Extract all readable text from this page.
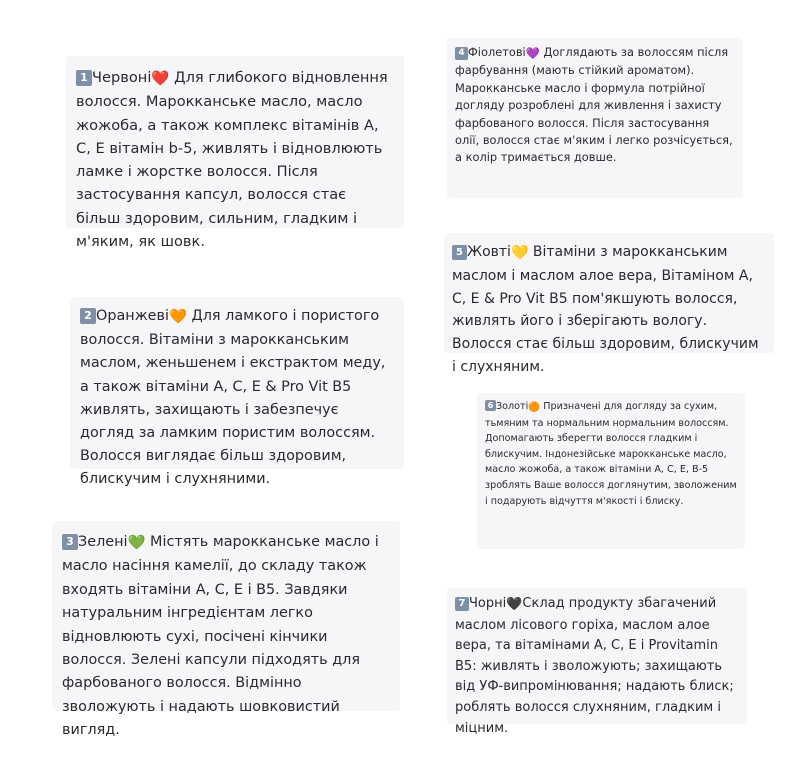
1 Червоні❤️ Для глибокого відновлення волосся. Марокканське масло, масло жожоба, а також комплекс вітамінів А, С, Е вітамін b-5, живлять і відновлюють ламке і жорстке волосся. Після застосування капсул, волосся стає більш здоровим, сильним, гладким і м'яким, як шовк.

2 Оранжеві🧡 Для ламкого і пористого волосся. Вітаміни з марокканським маслом, женьшенем і екстрактом меду, а також вітаміни А, С, Е & Pro Vit B5 живлять, захищають і забезпечує догляд за ламким пористим волоссям. Волосся виглядає більш здоровим, блискучим і слухняними.

3 Зелені💚 Містять марокканське масло і масло насіння камелії, до складу також входять вітаміни А, С, Е і В5. Завдяки натуральним інгредієнтам легко відновлюють сухі, посічені кінчики волосся. Зелені капсули підходять для фарбованого волосся. Відмінно зволожують і надають шовковистий вигляд.

4 Фіолетові💜 Доглядають за волоссям після фарбування (мають стійкий ароматом). Марокканське масло і формула потрійної догляду розроблені для живлення і захисту фарбованого волосся. Після застосування олії, волосся стає м'яким і легко розчісується, а колір тримається довше.

5 Жовті💛 Вітаміни з марокканським маслом і маслом алое вера, Вітаміном А, С, Е & Pro Vit B5 пом'якшують волосся, живлять його і зберігають вологу. Волосся стає більш здоровим, блискучим і слухняним.

6 Золоті🟠 Призначені для догляду за сухим, тьмяним та нормальним нормальним волоссям. Допомагають зберегти волосся гладким і блискучим. Індонезійське марокканське масло, масло жожоба, а також вітаміни А, С, Е, В-5 зроблять Ваше волосся доглянутим, зволоженим і подарують відчуття м'якості і блиску.

7 Чорні🖤Склад продукту збагачений маслом лісового горіха, маслом алое вера, та вітамінами А, С, Е і Provitamin B5: живлять і зволожують; захищають від УФ-випромінювання; надають блиск; роблять волосся слухняним, гладким і міцним.
